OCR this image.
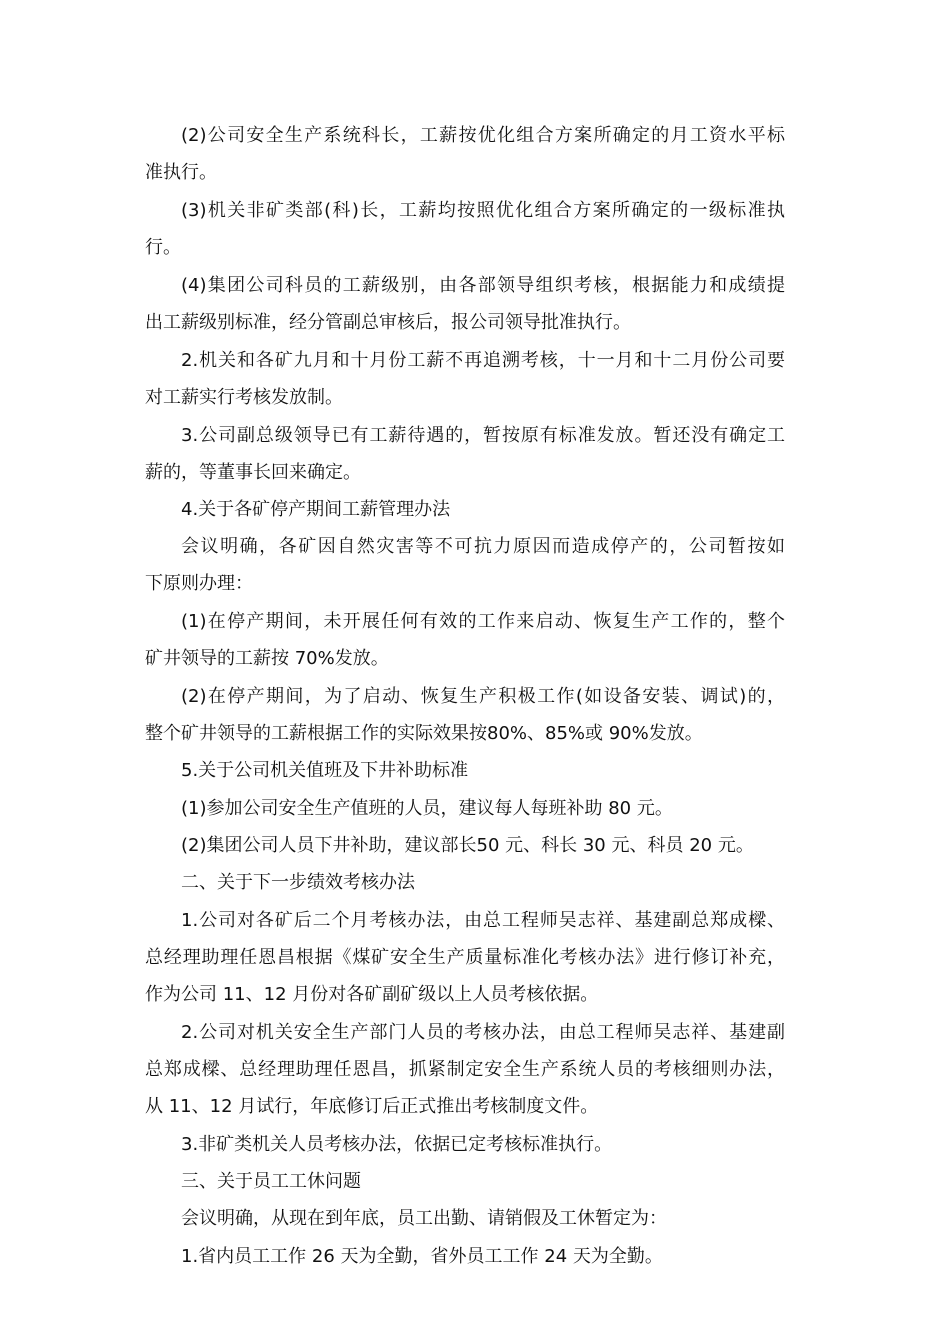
(2)公司安全生产系统科长，工薪按优化组合方案所确定的月工资水平标
准执行。
(3)机关非矿类部(科)长，工薪均按照优化组合方案所确定的一级标准执
行。
(4)集团公司科员的工薪级别，由各部领导组织考核，根据能力和成绩提
出工薪级别标准，经分管副总审核后，报公司领导批准执行。
2.机关和各矿九月和十月份工薪不再追溯考核，十一月和十二月份公司要
对工薪实行考核发放制。
3.公司副总级领导已有工薪待遇的，暂按原有标准发放。暂还没有确定工
薪的，等董事长回来确定。
4.关于各矿停产期间工薪管理办法
会议明确，各矿因自然灾害等不可抗力原因而造成停产的，公司暂按如
下原则办理：
(1)在停产期间，未开展任何有效的工作来启动、恢复生产工作的，整个
矿井领导的工薪按 70%发放。
(2)在停产期间，为了启动、恢复生产积极工作(如设备安装、调试)的，
整个矿井领导的工薪根据工作的实际效果按80%、85%或 90%发放。
5.关于公司机关值班及下井补助标准
(1)参加公司安全生产值班的人员，建议每人每班补助 80 元。
(2)集团公司人员下井补助，建议部长50 元、科长 30 元、科员 20 元。
二、关于下一步绩效考核办法
1.公司对各矿后二个月考核办法，由总工程师吴志祥、基建副总郑成樑、
总经理助理任恩昌根据《煤矿安全生产质量标准化考核办法》进行修订补充，
作为公司 11、12 月份对各矿副矿级以上人员考核依据。
2.公司对机关安全生产部门人员的考核办法，由总工程师吴志祥、基建副
总郑成樑、总经理助理任恩昌，抓紧制定安全生产系统人员的考核细则办法，
从 11、12 月试行，年底修订后正式推出考核制度文件。
3.非矿类机关人员考核办法，依据已定考核标准执行。
三、关于员工工休问题
会议明确，从现在到年底，员工出勤、请销假及工休暂定为：
1.省内员工工作 26 天为全勤，省外员工工作 24 天为全勤。
